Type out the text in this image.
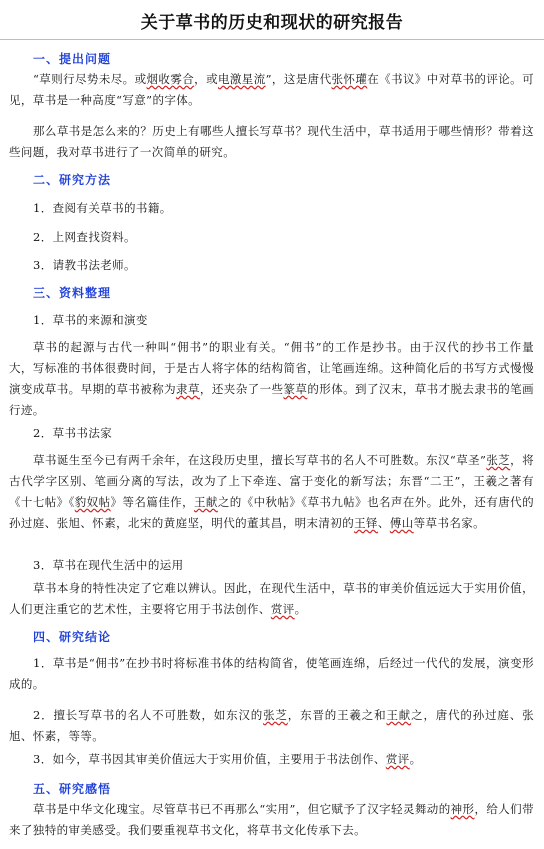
关于草书的历史和现状的研究报告
一、提出问题
“草则行尽势未尽。或烟收雾合，或电激星流”，这是唐代张怀瓘在《书议》中对草书的评论。可见，草书是一种高度“写意”的字体。
那么草书是怎么来的？历史上有哪些人擅长写草书？现代生活中，草书适用于哪些情形？带着这些问题，我对草书进行了一次简单的研究。
二、研究方法
1．查阅有关草书的书籍。
2．上网查找资料。
3．请教书法老师。
三、资料整理
1．草书的来源和演变
草书的起源与古代一种叫“佣书”的职业有关。“佣书”的工作是抄书。由于汉代的抄书工作量大，写标准的书体很费时间，于是古人将字体的结构简省，让笔画连绵。这种简化后的书写方式慢慢演变成草书。早期的草书被称为隶草，还夹杂了一些篆草的形体。到了汉末，草书才脱去隶书的笔画行迹。
2．草书书法家
草书诞生至今已有两千余年，在这段历史里，擅长写草书的名人不可胜数。东汉“草圣”张芝，将古代学字区别、笔画分离的写法，改为了上下牵连、富于变化的新写法；东晋“二王”，王羲之著有《十七帖》《豹奴帖》等名篇佳作，王献之的《中秋帖》《草书九帖》也名声在外。此外，还有唐代的孙过庭、张旭、怀素，北宋的黄庭坚，明代的董其昌，明末清初的王铎、傅山等草书名家。
3．草书在现代生活中的运用
草书本身的特性决定了它难以辨认。因此，在现代生活中，草书的审美价值远远大于实用价值，人们更注重它的艺术性，主要将它用于书法创作、赏评。
四、研究结论
1．草书是“佣书”在抄书时将标准书体的结构简省，使笔画连绵，后经过一代代的发展，演变形成的。
2．擅长写草书的名人不可胜数，如东汉的张芝，东晋的王羲之和王献之，唐代的孙过庭、张旭、怀素，等等。
3．如今，草书因其审美价值远大于实用价值，主要用于书法创作、赏评。
五、研究感悟
草书是中华文化瑰宝。尽管草书已不再那么“实用”，但它赋予了汉字轻灵舞动的神形，给人们带来了独特的审美感受。我们要重视草书文化，将草书文化传承下去。
